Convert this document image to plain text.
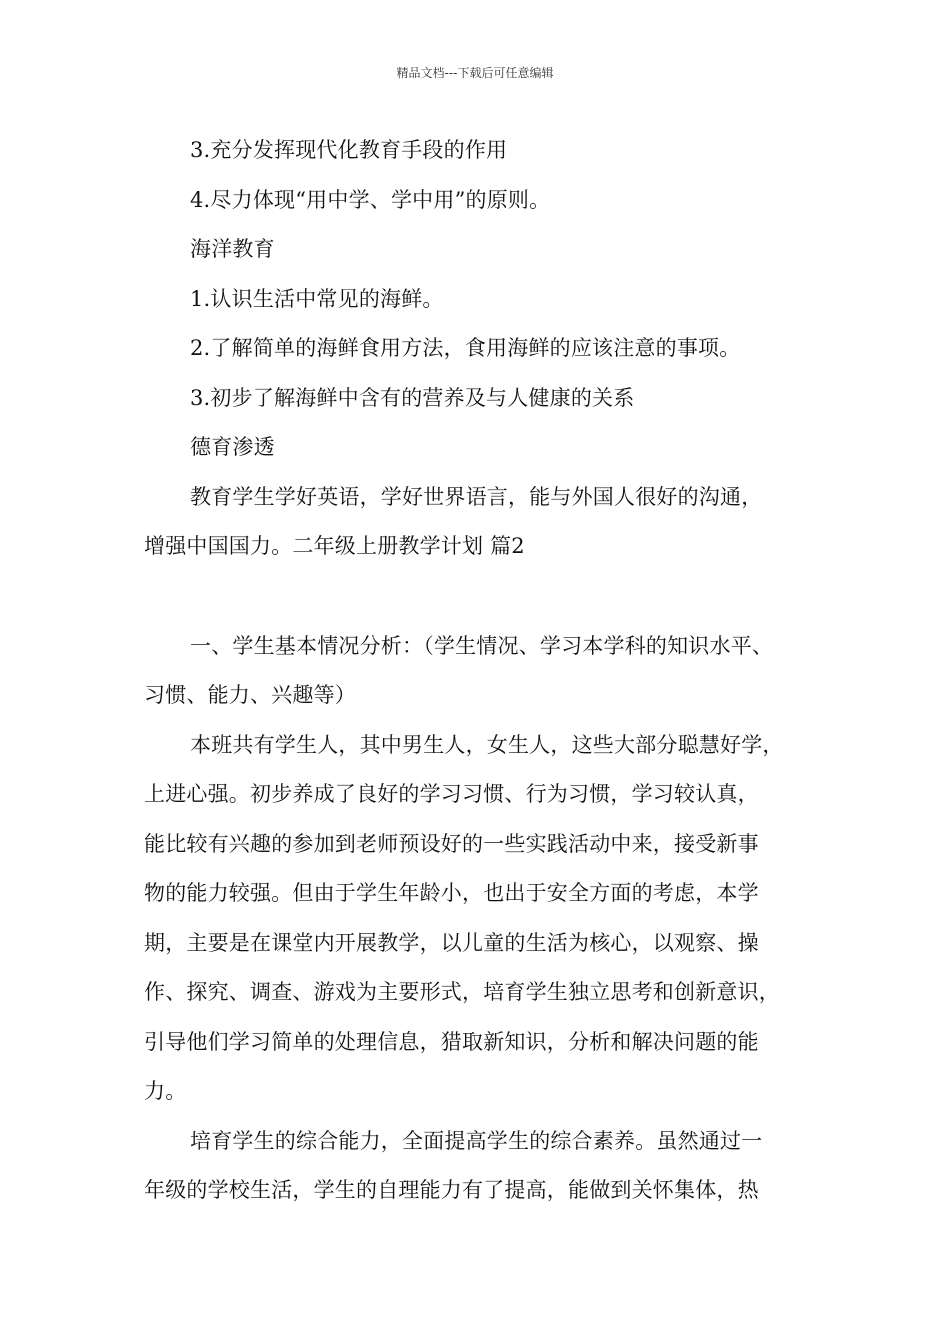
精品文档---下载后可任意编辑
3.充分发挥现代化教育手段的作用
4.尽力体现“用中学、学中用”的原则。
海洋教育
1.认识生活中常见的海鲜。
2.了解简单的海鲜食用方法，食用海鲜的应该注意的事项。
3.初步了解海鲜中含有的营养及与人健康的关系
德育渗透
教育学生学好英语，学好世界语言，能与外国人很好的沟通，
增强中国国力。二年级上册教学计划 篇2
一、学生基本情况分析：（学生情况、学习本学科的知识水平、
习惯、能力、兴趣等）
本班共有学生人，其中男生人，女生人，这些大部分聪慧好学，
上进心强。初步养成了良好的学习习惯、行为习惯，学习较认真，
能比较有兴趣的参加到老师预设好的一些实践活动中来，接受新事
物的能力较强。但由于学生年龄小，也出于安全方面的考虑，本学
期，主要是在课堂内开展教学，以儿童的生活为核心，以观察、操
作、探究、调查、游戏为主要形式，培育学生独立思考和创新意识，
引导他们学习简单的处理信息，猎取新知识，分析和解决问题的能
力。
培育学生的综合能力，全面提高学生的综合素养。虽然通过一
年级的学校生活，学生的自理能力有了提高，能做到关怀集体，热
